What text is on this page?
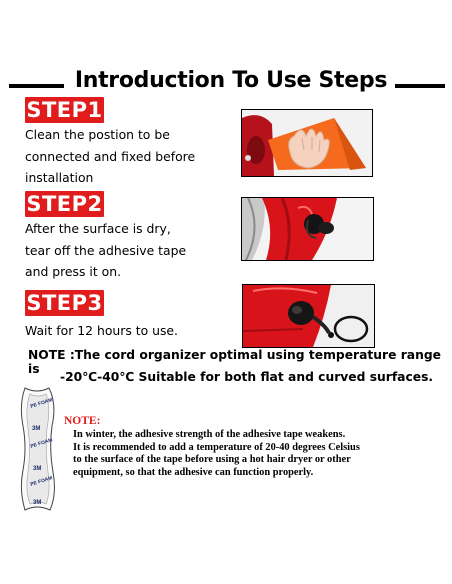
Introduction To Use Steps
STEP1
Clean the postion to be
connected and fixed before
installation
STEP2
After the surface is dry,
tear off the adhesive tape
and press it on.
STEP3
Wait for 12 hours to use.
NOTE :The cord organizer optimal using temperature range is
-20℃-40℃ Suitable for both flat and curved surfaces.
PE FOAM
3M
PE FOAM
3M
PE FOAM
3M
NOTE:
In winter, the adhesive strength of the adhesive tape weakens.
It is recommended to add a temperature of 20-40 degrees Celsius
to the surface of the tape before using a hot hair dryer or other
equipment, so that the adhesive can function properly.
